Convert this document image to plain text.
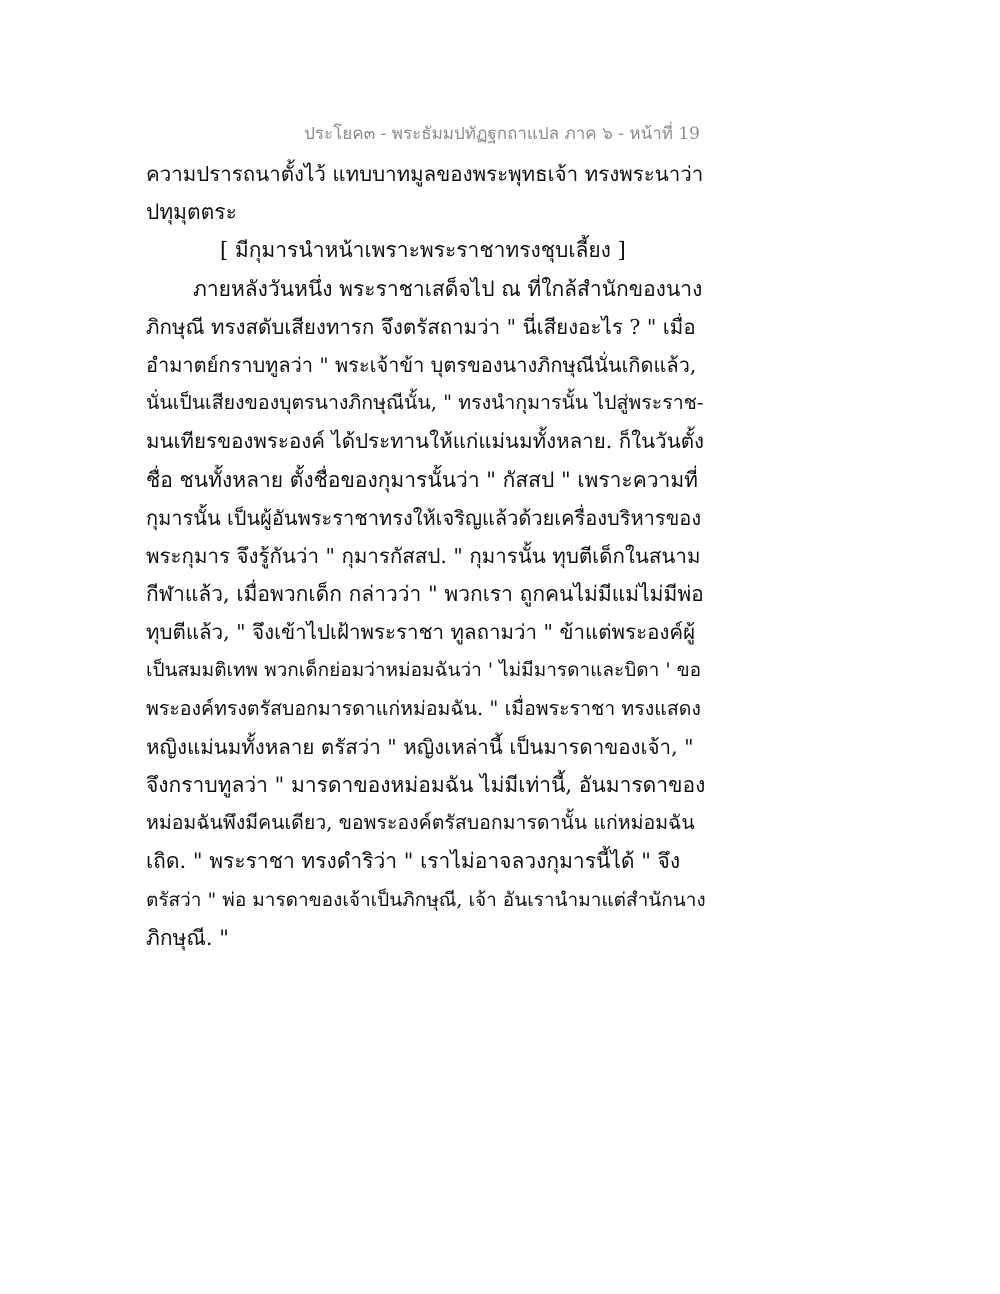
ประโยค๓ - พระธัมมปทัฏฐกถาแปล ภาค ๖ - หน้าที่ 19
ความปรารถนาตั้งไว้ แทบบาทมูลของพระพุทธเจ้า ทรงพระนาว่า
ปทุมุตตระ
[ มีกุมารนำหน้าเพราะพระราชาทรงชุบเลี้ยง ]
ภายหลังวันหนึ่ง พระราชาเสด็จไป ณ ที่ใกล้สำนักของนาง
ภิกษุณี ทรงสดับเสียงทารก จึงตรัสถามว่า " นี่เสียงอะไร ? " เมื่อ
อำมาตย์กราบทูลว่า " พระเจ้าข้า บุตรของนางภิกษุณีนั่นเกิดแล้ว,
นั่นเป็นเสียงของบุตรนางภิกษุณีนั้น, " ทรงนำกุมารนั้น ไปสู่พระราช-
มนเทียรของพระองค์ ได้ประทานให้แก่แม่นมทั้งหลาย. ก็ในวันตั้ง
ชื่อ ชนทั้งหลาย ตั้งชื่อของกุมารนั้นว่า " กัสสป " เพราะความที่
กุมารนั้น เป็นผู้อันพระราชาทรงให้เจริญแล้วด้วยเครื่องบริหารของ
พระกุมาร จึงรู้กันว่า " กุมารกัสสป. " กุมารนั้น ทุบตีเด็กในสนาม
กีฬาแล้ว, เมื่อพวกเด็ก กล่าวว่า " พวกเรา ถูกคนไม่มีแม่ไม่มีพ่อ
ทุบตีแล้ว, " จึงเข้าไปเฝ้าพระราชา ทูลถามว่า " ข้าแต่พระองค์ผู้
เป็นสมมติเทพ พวกเด็กย่อมว่าหม่อมฉันว่า ' ไม่มีมารดาและบิดา ' ขอ
พระองค์ทรงตรัสบอกมารดาแก่หม่อมฉัน. " เมื่อพระราชา ทรงแสดง
หญิงแม่นมทั้งหลาย ตรัสว่า " หญิงเหล่านี้ เป็นมารดาของเจ้า, "
จึงกราบทูลว่า " มารดาของหม่อมฉัน ไม่มีเท่านี้, อันมารดาของ
หม่อมฉันพึงมีคนเดียว, ขอพระองค์ตรัสบอกมารดานั้น แก่หม่อมฉัน
เถิด. " พระราชา ทรงดำริว่า " เราไม่อาจลวงกุมารนี้ได้ " จึง
ตรัสว่า " พ่อ มารดาของเจ้าเป็นภิกษุณี, เจ้า อันเรานำมาแต่สำนักนาง
ภิกษุณี. "
